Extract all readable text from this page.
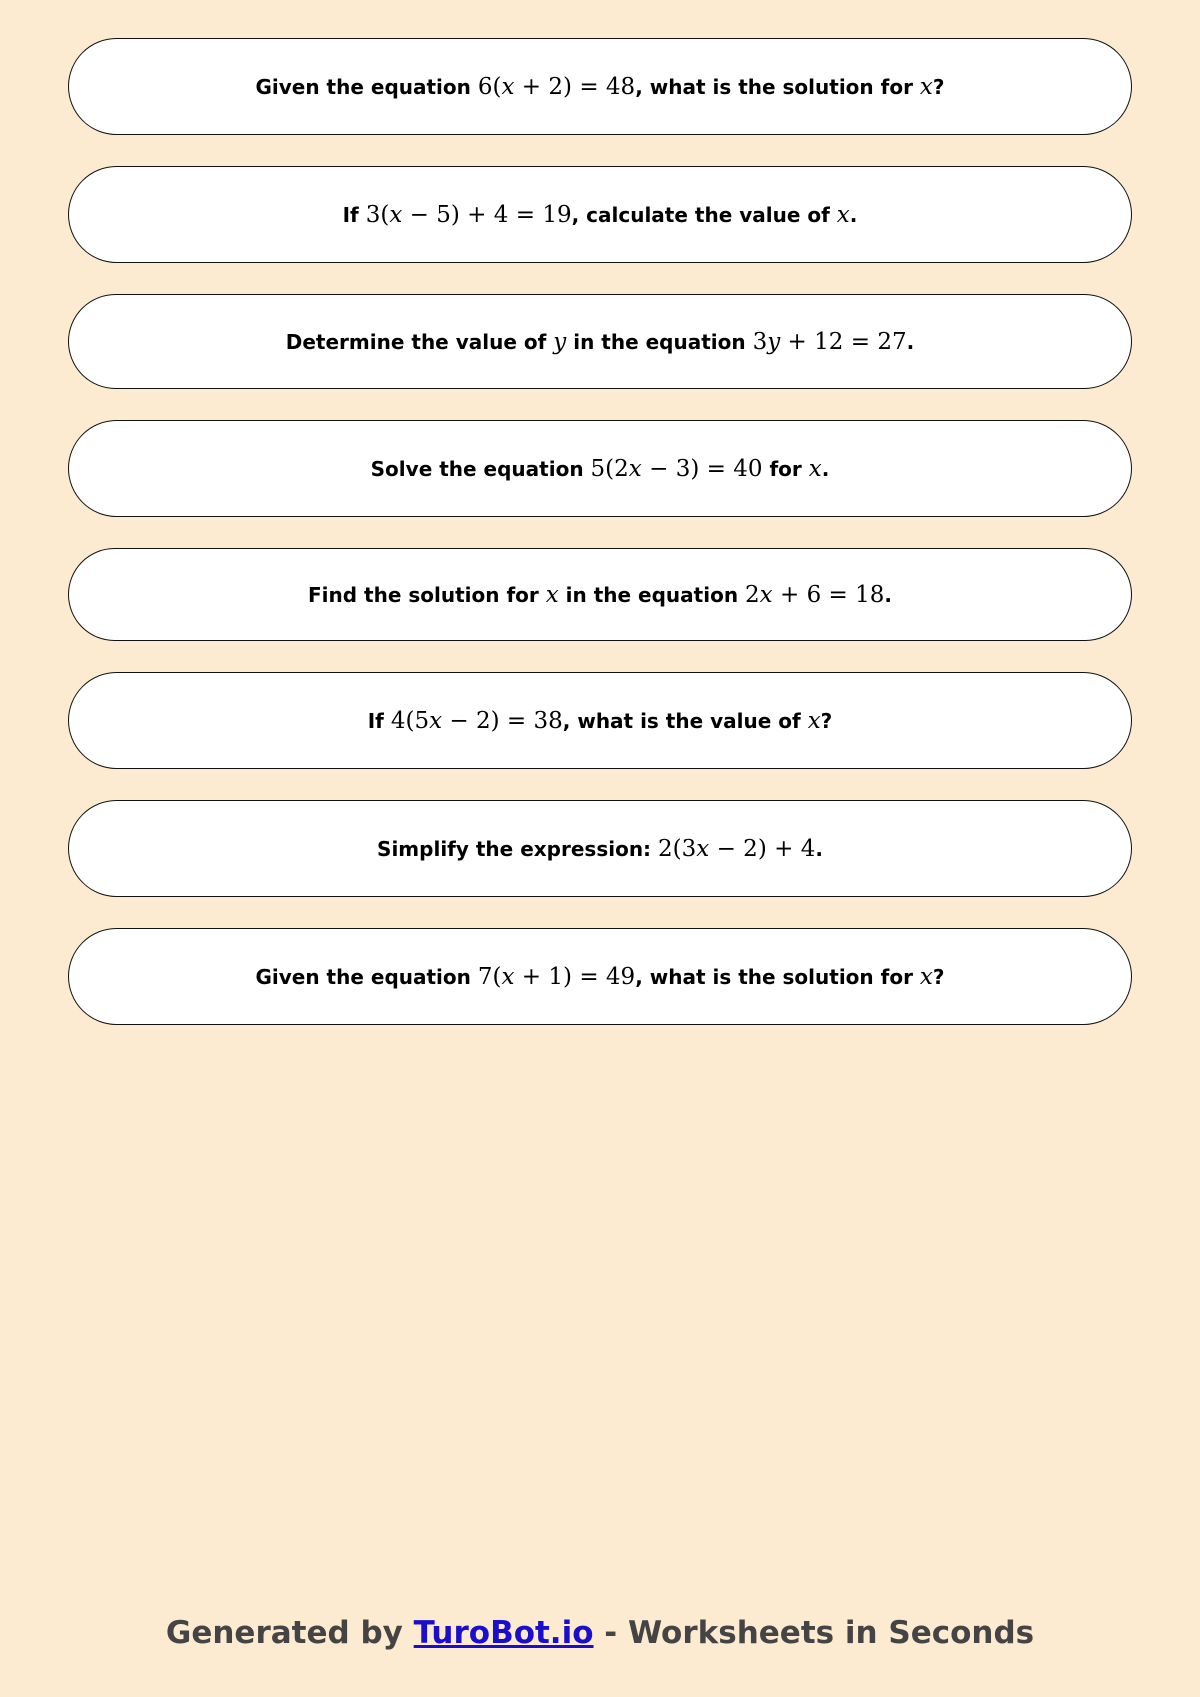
Given the equation 6(x + 2) = 48, what is the solution for x?
If 3(x − 5) + 4 = 19, calculate the value of x.
Determine the value of y in the equation 3y + 12 = 27.
Solve the equation 5(2x − 3) = 40 for x.
Find the solution for x in the equation 2x + 6 = 18.
If 4(5x − 2) = 38, what is the value of x?
Simplify the expression: 2(3x − 2) + 4.
Given the equation 7(x + 1) = 49, what is the solution for x?
Generated by TuroBot.io - Worksheets in Seconds
